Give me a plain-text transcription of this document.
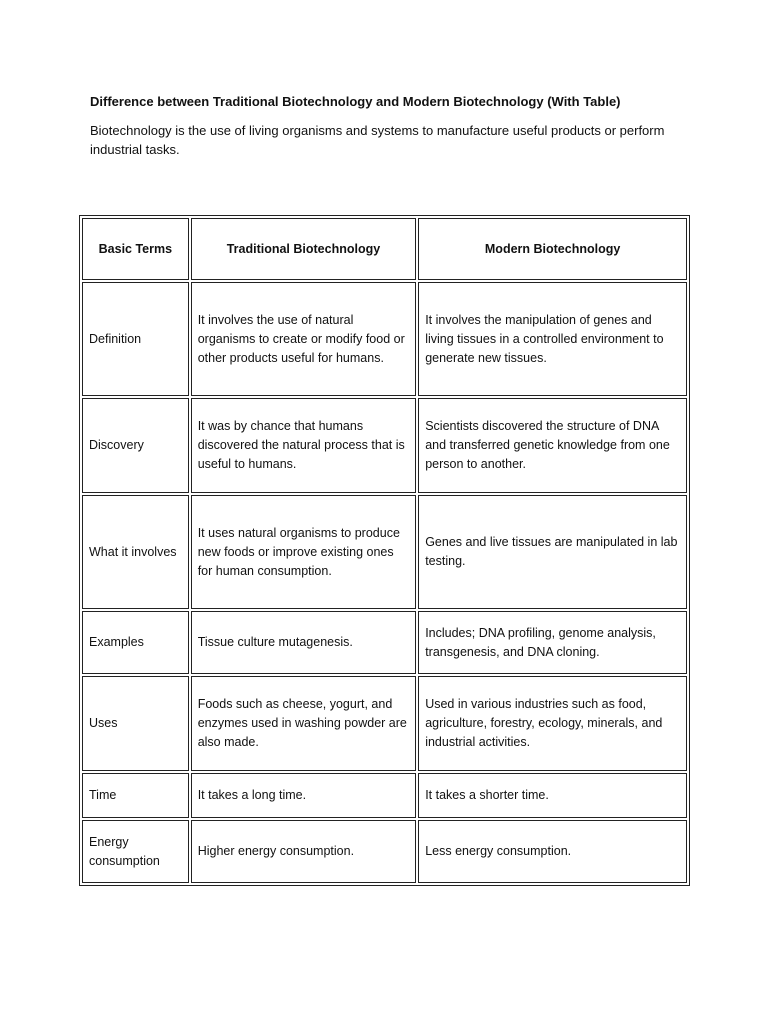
Difference between Traditional Biotechnology and Modern Biotechnology (With Table)
Biotechnology is the use of living organisms and systems to manufacture useful products or perform industrial tasks.
Basic Terms	Traditional Biotechnology	Modern Biotechnology
Definition	It involves the use of natural organisms to create or modify food or other products useful for humans.	It involves the manipulation of genes and living tissues in a controlled environment to generate new tissues.
Discovery	It was by chance that humans discovered the natural process that is useful to humans.	Scientists discovered the structure of DNA and transferred genetic knowledge from one person to another.
What it involves	It uses natural organisms to produce new foods or improve existing ones for human consumption.	Genes and live tissues are manipulated in lab testing.
Examples	Tissue culture mutagenesis.	Includes; DNA profiling, genome analysis, transgenesis, and DNA cloning.
Uses	Foods such as cheese, yogurt, and enzymes used in washing powder are also made.	Used in various industries such as food, agriculture, forestry, ecology, minerals, and industrial activities.
Time	It takes a long time.	It takes a shorter time.
Energy consumption	Higher energy consumption.	Less energy consumption.
